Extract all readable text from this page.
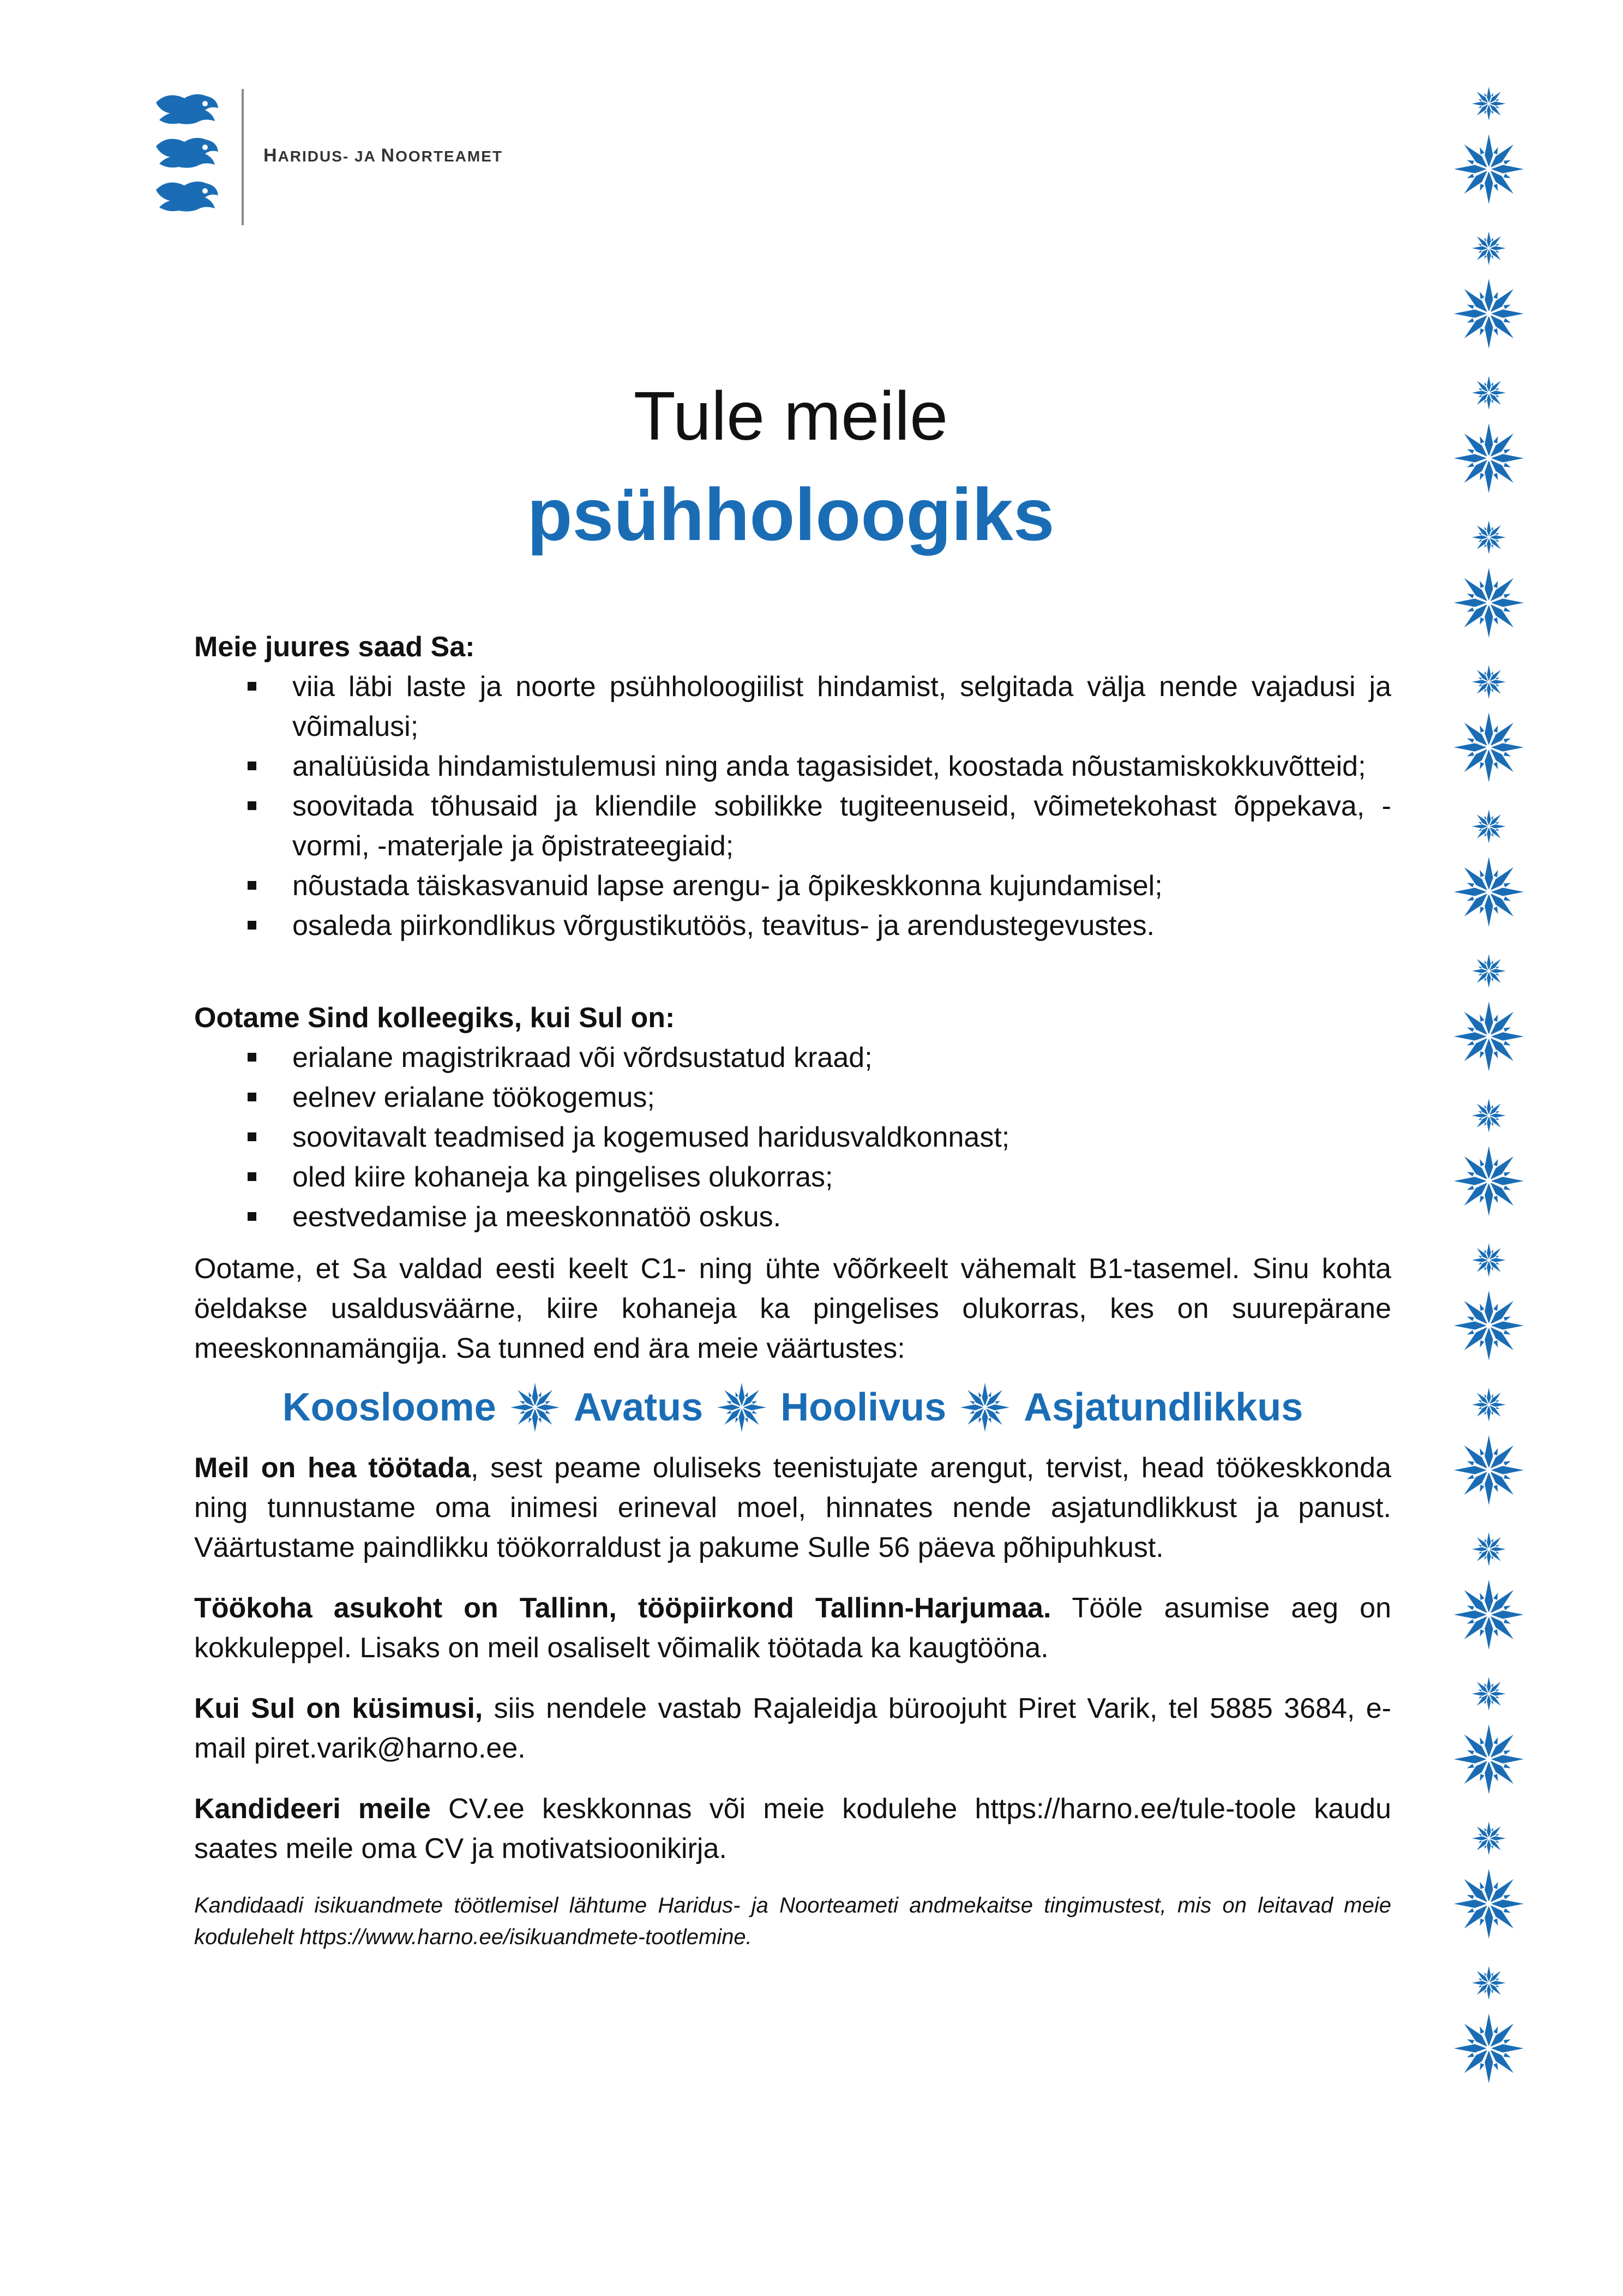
HARIDUS- JA NOORTEAMET
Tule meile
psühholoogiks

Meie juures saad Sa:

viia läbi laste ja noorte psühholoogiilist hindamist, selgitada välja nende vajadusi ja võimalusi;
analüüsida hindamistulemusi ning anda tagasisidet, koostada nõustamiskokkuvõtteid;
soovitada tõhusaid ja kliendile sobilikke tugiteenuseid, võimetekohast õppekava, -vormi, -materjale ja õpistrateegiaid;
nõustada täiskasvanuid lapse arengu- ja õpikeskkonna kujundamisel;
osaleda piirkondlikus võrgustikutöös, teavitus- ja arendustegevustes.

Ootame Sind kolleegiks, kui Sul on:

erialane magistrikraad või võrdsustatud kraad;
eelnev erialane töökogemus;
soovitavalt teadmised ja kogemused haridusvaldkonnast;
oled kiire kohaneja ka pingelises olukorras;
eestvedamise ja meeskonnatöö oskus.

Ootame, et Sa valdad eesti keelt C1- ning ühte võõrkeelt vähemalt B1-tasemel. Sinu kohta öeldakse usaldusväärne, kiire kohaneja ka pingelises olukorras, kes on suurepärane meeskonnamängija. Sa tunned end ära meie väärtustes:

Koosloome Avatus Hoolivus Asjatundlikkus

Meil on hea töötada, sest peame oluliseks teenistujate arengut, tervist, head töökeskkonda ning tunnustame oma inimesi erineval moel, hinnates nende asjatundlikkust ja panust. Väärtustame paindlikku töökorraldust ja pakume Sulle 56 päeva põhipuhkust.

Töökoha asukoht on Tallinn, tööpiirkond Tallinn-Harjumaa. Tööle asumise aeg on kokkuleppel. Lisaks on meil osaliselt võimalik töötada ka kaugtöönа.

Kui Sul on küsimusi, siis nendele vastab Rajaleidja büroojuht Piret Varik, tel 5885 3684, e-mail piret.varik@harno.ee.

Kandideeri meile CV.ee keskkonnas või meie kodulehe https://harno.ee/tule-toole kaudu saates meile oma CV ja motivatsioonikirja.

Kandidaadi isikuandmete töötlemisel lähtume Haridus- ja Noorteameti andmekaitse tingimustest, mis on leitavad meie kodulehelt https://www.harno.ee/isikuandmete-tootlemine.
